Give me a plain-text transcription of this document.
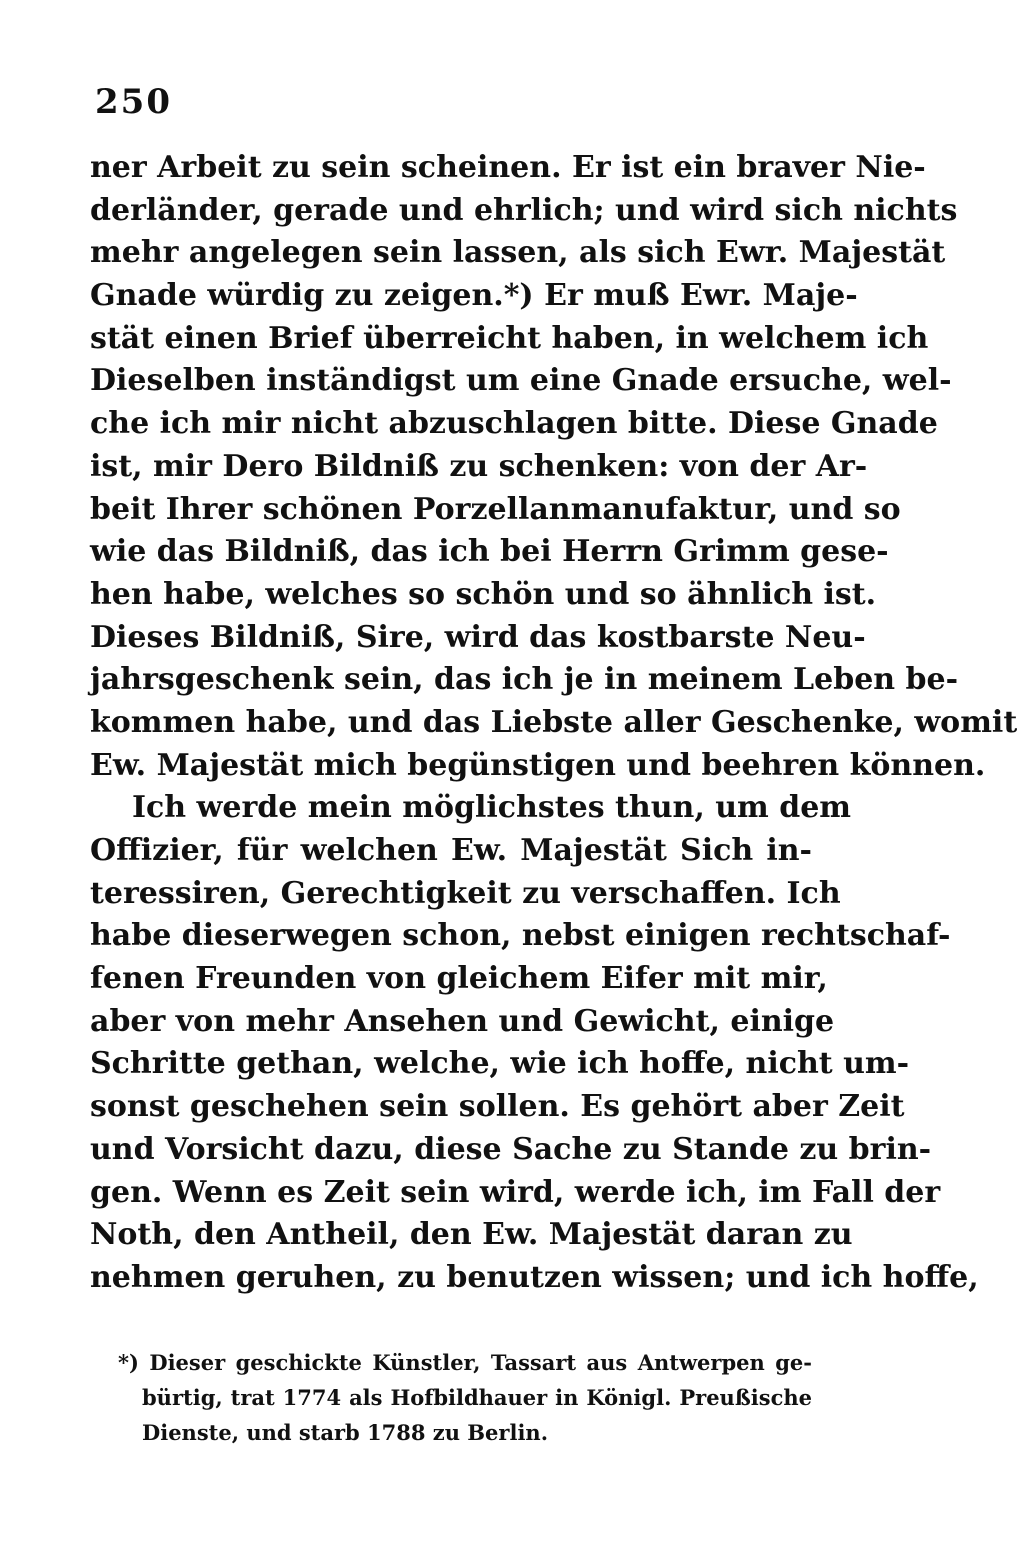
250
ner Arbeit zu sein scheinen. Er ist ein braver Nie-
derländer, gerade und ehrlich; und wird sich nichts
mehr angelegen sein lassen, als sich Ewr. Majestät
Gnade würdig zu zeigen.*) Er muß Ewr. Maje-
stät einen Brief überreicht haben, in welchem ich
Dieselben inständigst um eine Gnade ersuche, wel-
che ich mir nicht abzuschlagen bitte. Diese Gnade
ist, mir Dero Bildniß zu schenken: von der Ar-
beit Ihrer schönen Porzellanmanufaktur, und so
wie das Bildniß, das ich bei Herrn Grimm gese-
hen habe, welches so schön und so ähnlich ist.
Dieses Bildniß, Sire, wird das kostbarste Neu-
jahrsgeschenk sein, das ich je in meinem Leben be-
kommen habe, und das Liebste aller Geschenke, womit
Ew. Majestät mich begünstigen und beehren können.
Ich werde mein möglichstes thun, um dem
Offizier, für welchen Ew. Majestät Sich in-
teressiren, Gerechtigkeit zu verschaffen. Ich
habe dieserwegen schon, nebst einigen rechtschaf-
fenen Freunden von gleichem Eifer mit mir,
aber von mehr Ansehen und Gewicht, einige
Schritte gethan, welche, wie ich hoffe, nicht um-
sonst geschehen sein sollen. Es gehört aber Zeit
und Vorsicht dazu, diese Sache zu Stande zu brin-
gen. Wenn es Zeit sein wird, werde ich, im Fall der
Noth, den Antheil, den Ew. Majestät daran zu
nehmen geruhen, zu benutzen wissen; und ich hoffe,
*) Dieser geschickte Künstler, Tassart aus Antwerpen ge-
bürtig, trat 1774 als Hofbildhauer in Königl. Preußische
Dienste, und starb 1788 zu Berlin.
